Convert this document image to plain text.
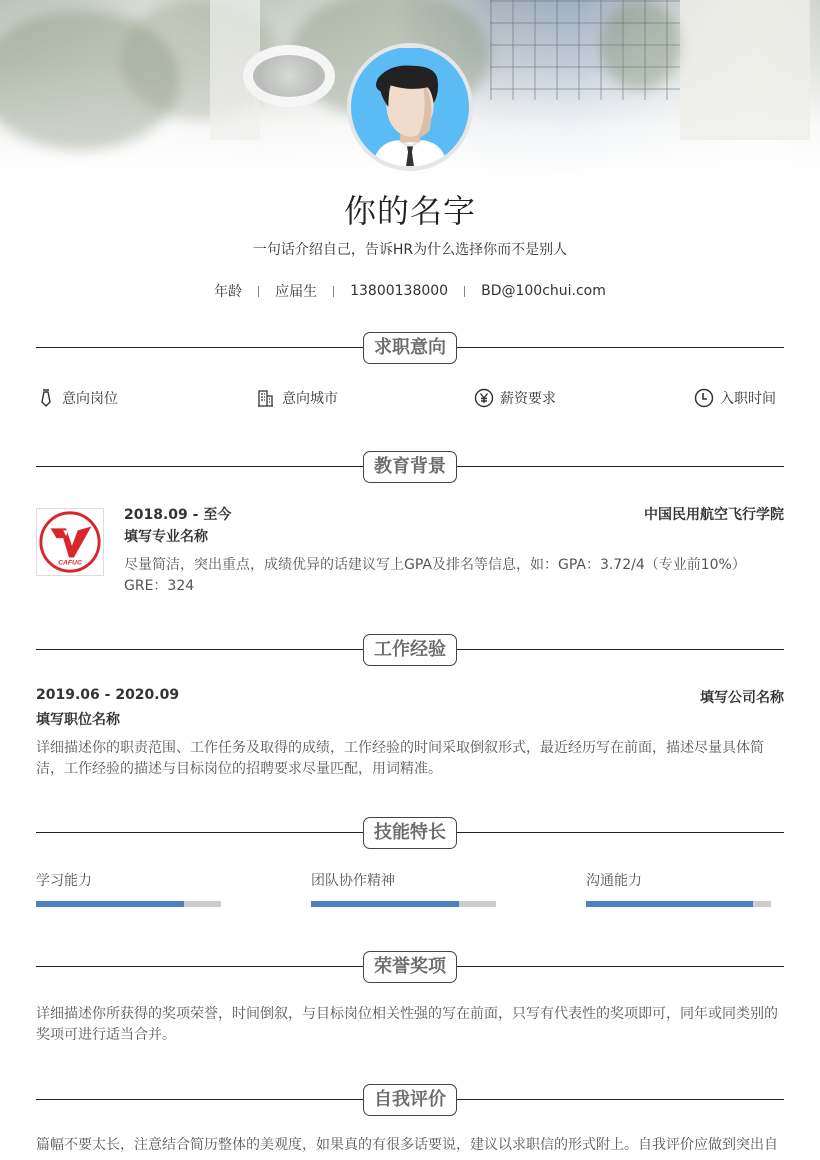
你的名字
一句话介绍自己，告诉HR为什么选择你而不是别人
年龄 应届生 13800138000 BD@100chui.com
求职意向
意向岗位	意向城市	薪资要求	入职时间
教育背景
CAFUC
2018.09 - 至今
填写专业名称
中国民用航空飞行学院
尽量简洁，突出重点，成绩优异的话建议写上GPA及排名等信息，如：GPA：3.72/4（专业前10%） GRE：324
工作经验
2019.06 - 2020.09
填写职位名称
填写公司名称
详细描述你的职责范围、工作任务及取得的成绩，工作经验的时间采取倒叙形式，最近经历写在前面，描述尽量具体简洁，工作经验的描述与目标岗位的招聘要求尽量匹配，用词精准。
技能特长
学习能力	团队协作精神	沟通能力
荣誉奖项
详细描述你所获得的奖项荣誉，时间倒叙，与目标岗位相关性强的写在前面，只写有代表性的奖项即可，同年或同类别的奖项可进行适当合并。
自我评价
篇幅不要太长，注意结合简历整体的美观度，如果真的有很多话要说，建议以求职信的形式附上。自我评价应做到突出自
